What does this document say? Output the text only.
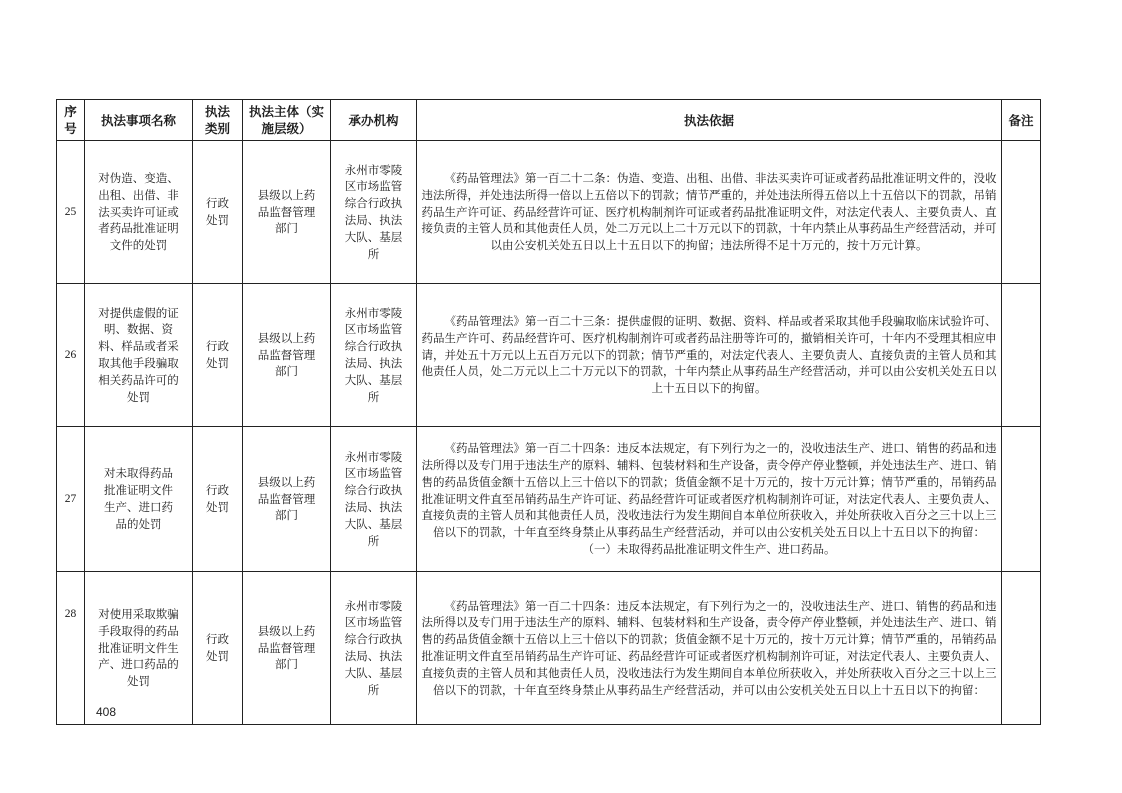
序号	执法事项名称	执法类别	执法主体（实施层级）	承办机构	执法依据	备注
25	对伪造、变造、出租、出借、非法买卖许可证或者药品批准证明文件的处罚	行政处罚	县级以上药品监督管理部门	永州市零陵区市场监管综合行政执法局、执法大队、基层所	《药品管理法》第一百二十二条：伪造、变造、出租、出借、非法买卖许可证或者药品批准证明文件的，没收违法所得，并处违法所得一倍以上五倍以下的罚款；情节严重的，并处违法所得五倍以上十五倍以下的罚款，吊销药品生产许可证、药品经营许可证、医疗机构制剂许可证或者药品批准证明文件，对法定代表人、主要负责人、直接负责的主管人员和其他责任人员，处二万元以上二十万元以下的罚款，十年内禁止从事药品生产经营活动，并可以由公安机关处五日以上十五日以下的拘留；违法所得不足十万元的，按十万元计算。	

26	对提供虚假的证明、数据、资料、样品或者采取其他手段骗取相关药品许可的处罚	行政处罚	县级以上药品监督管理部门	永州市零陵区市场监管综合行政执法局、执法大队、基层所	《药品管理法》第一百二十三条：提供虚假的证明、数据、资料、样品或者采取其他手段骗取临床试验许可、药品生产许可、药品经营许可、医疗机构制剂许可或者药品注册等许可的，撤销相关许可，十年内不受理其相应申请，并处五十万元以上五百万元以下的罚款；情节严重的，对法定代表人、主要负责人、直接负责的主管人员和其他责任人员，处二万元以上二十万元以下的罚款，十年内禁止从事药品生产经营活动，并可以由公安机关处五日以上十五日以下的拘留。	

27	对未取得药品批准证明文件生产、进口药品的处罚	行政处罚	县级以上药品监督管理部门	永州市零陵区市场监管综合行政执法局、执法大队、基层所	《药品管理法》第一百二十四条：违反本法规定，有下列行为之一的，没收违法生产、进口、销售的药品和违法所得以及专门用于违法生产的原料、辅料、包装材料和生产设备，责令停产停业整顿，并处违法生产、进口、销售的药品货值金额十五倍以上三十倍以下的罚款；货值金额不足十万元的，按十万元计算；情节严重的，吊销药品批准证明文件直至吊销药品生产许可证、药品经营许可证或者医疗机构制剂许可证，对法定代表人、主要负责人、直接负责的主管人员和其他责任人员，没收违法行为发生期间自本单位所获收入，并处所获收入百分之三十以上三倍以下的罚款，十年直至终身禁止从事药品生产经营活动，并可以由公安机关处五日以上十五日以下的拘留：
（一）未取得药品批准证明文件生产、进口药品。	

28	对使用采取欺骗手段取得的药品批准证明文件生产、进口药品的处罚	行政处罚	县级以上药品监督管理部门	永州市零陵区市场监管综合行政执法局、执法大队、基层所	《药品管理法》第一百二十四条：违反本法规定，有下列行为之一的，没收违法生产、进口、销售的药品和违法所得以及专门用于违法生产的原料、辅料、包装材料和生产设备，责令停产停业整顿，并处违法生产、进口、销售的药品货值金额十五倍以上三十倍以下的罚款；货值金额不足十万元的，按十万元计算；情节严重的，吊销药品批准证明文件直至吊销药品生产许可证、药品经营许可证或者医疗机构制剂许可证，对法定代表人、主要负责人、直接负责的主管人员和其他责任人员，没收违法行为发生期间自本单位所获收入，并处所获收入百分之三十以上三倍以下的罚款，十年直至终身禁止从事药品生产经营活动，并可以由公安机关处五日以上十五日以下的拘留：	

408
